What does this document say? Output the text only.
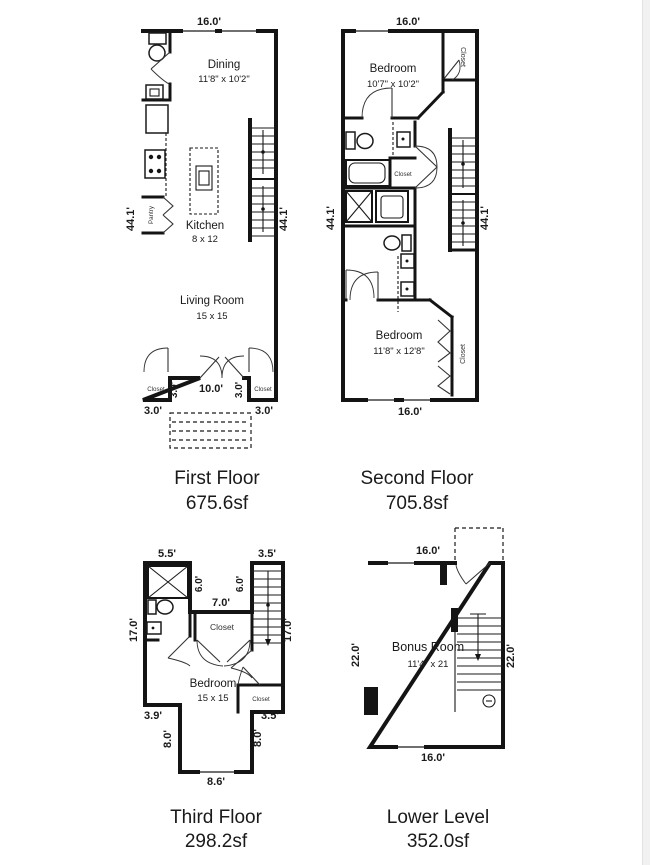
16.0'
44.1'	44.1'
Dining
11'8" x 10'2"
Kitchen
8 x 12
Living Room
15 x 15
Pantry
Closet	Closet
3.0'	3.0'
10.0'
3.0'	3.0'
16.0'
16.0'
44.1'	44.1'
Bedroom
10'7" x 10'2"
Bedroom
11'8" x 12'8"
Closet
Closet
Closet
First Floor
675.6sf
Second Floor
705.8sf
5.5'	3.5'
6.0'	6.0'
7.0'
17.0'	17.0'
Closet
Bedroom
15 x 15	Closet
3.9'	3.5'
8.0'	8.0'
8.6'
16.0'
16.0'
22.0'	22.0'
Bonus Room
11'4" x 21
Third Floor
298.2sf
Lower Level
352.0sf
